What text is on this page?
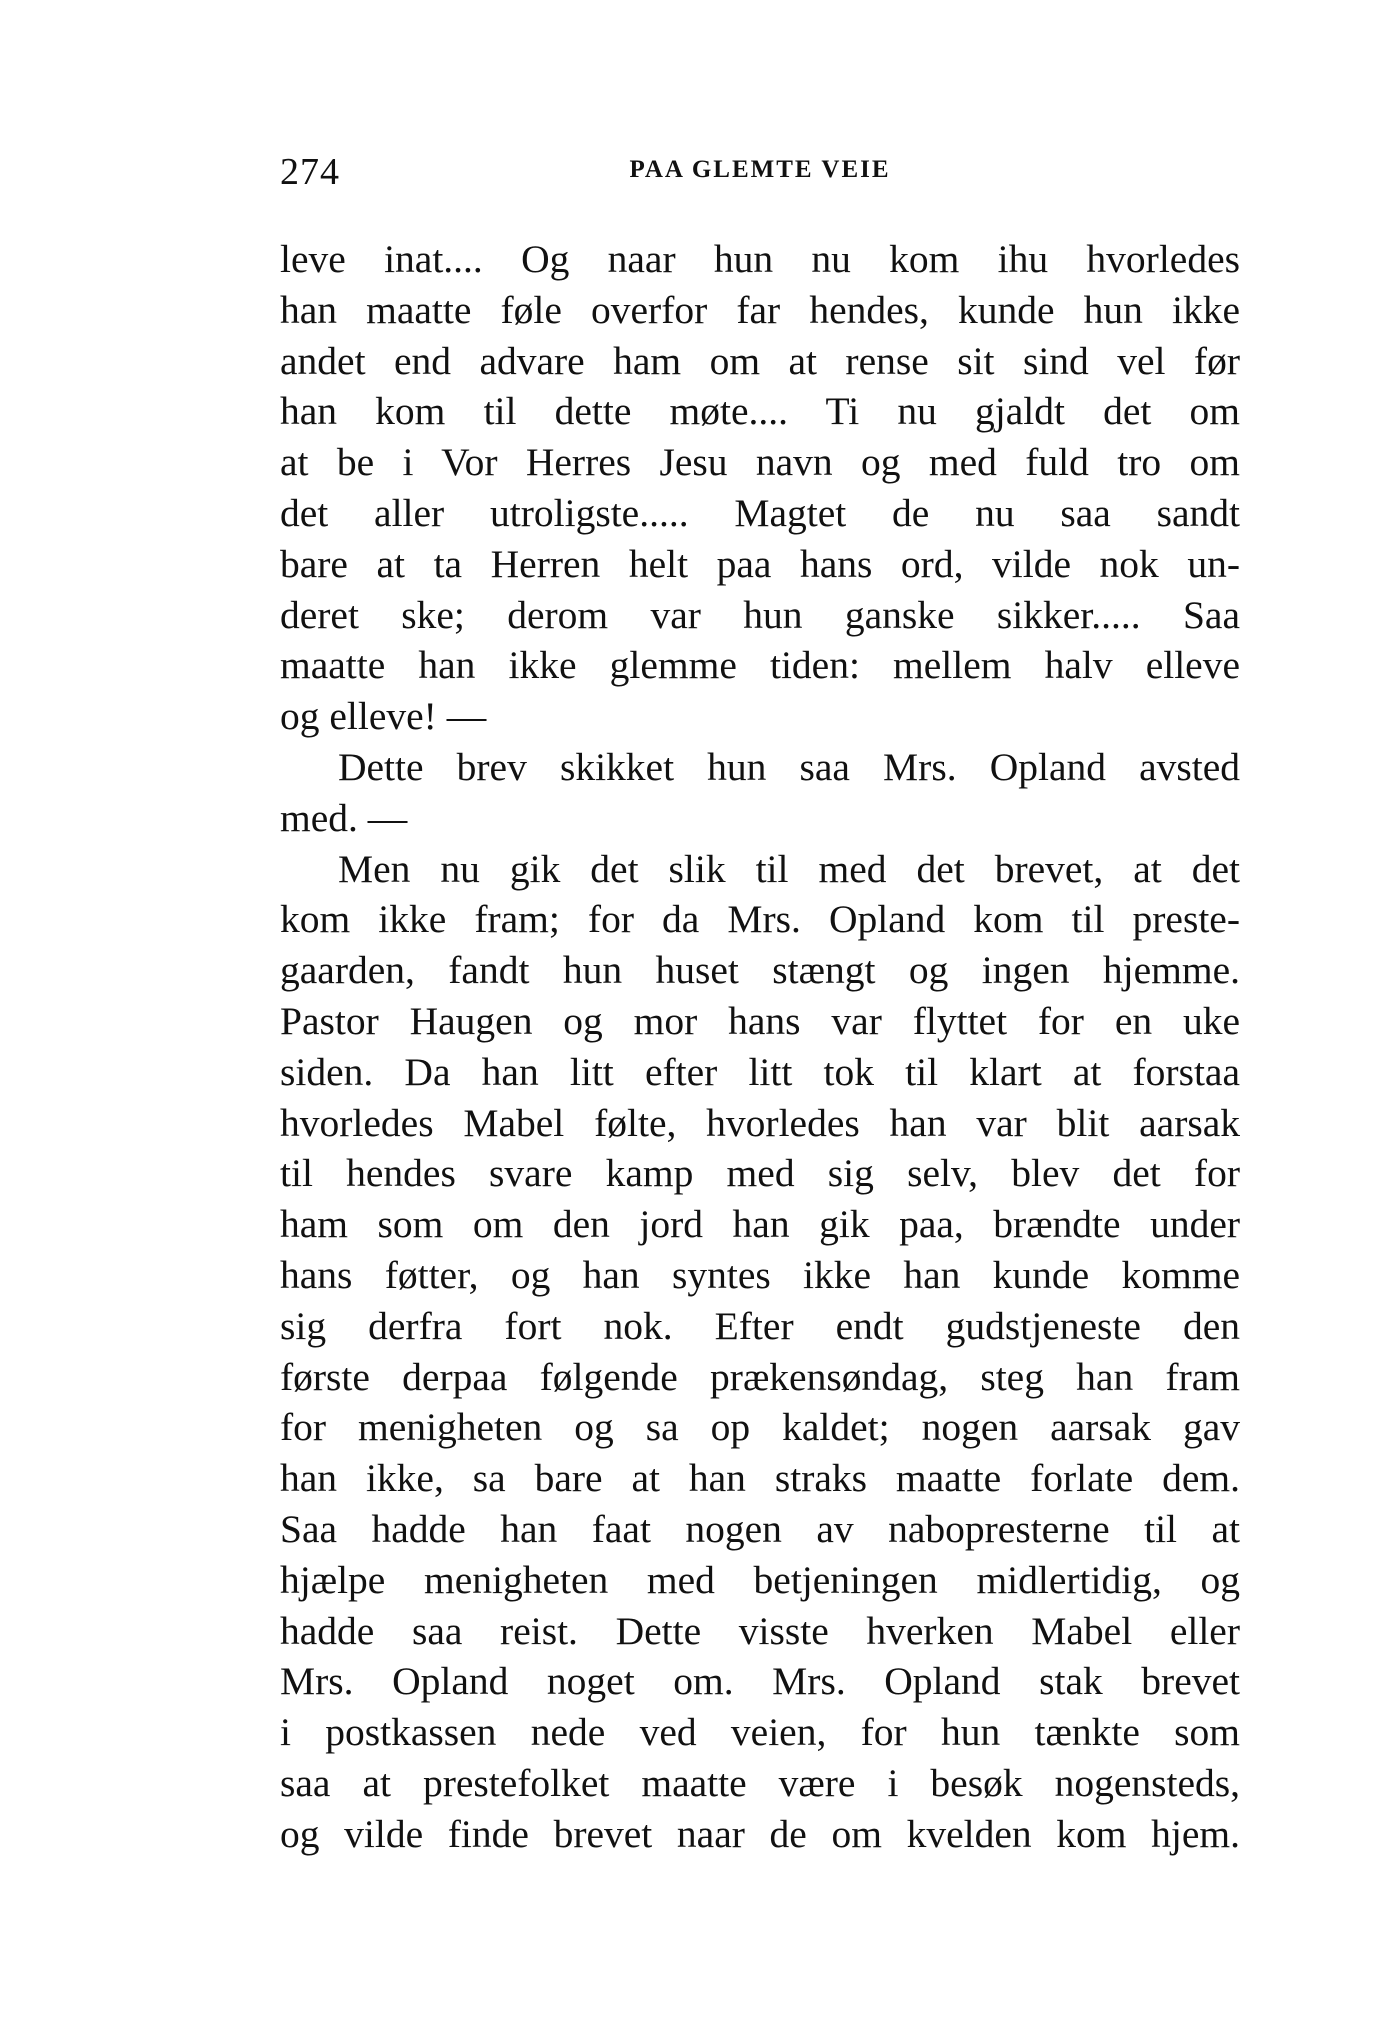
274	PAA GLEMTE VEIE
leve inat.... Og naar hun nu kom ihu hvorledes
han maatte føle overfor far hendes, kunde hun ikke
andet end advare ham om at rense sit sind vel før
han kom til dette møte.... Ti nu gjaldt det om
at be i Vor Herres Jesu navn og med fuld tro om
det aller utroligste..... Magtet de nu saa sandt
bare at ta Herren helt paa hans ord, vilde nok un-
deret ske; derom var hun ganske sikker..... Saa
maatte han ikke glemme tiden: mellem halv elleve
og elleve! —
Dette brev skikket hun saa Mrs. Opland avsted
med. —
Men nu gik det slik til med det brevet, at det
kom ikke fram; for da Mrs. Opland kom til preste-
gaarden, fandt hun huset stængt og ingen hjemme.
Pastor Haugen og mor hans var flyttet for en uke
siden. Da han litt efter litt tok til klart at forstaa
hvorledes Mabel følte, hvorledes han var blit aarsak
til hendes svare kamp med sig selv, blev det for
ham som om den jord han gik paa, brændte under
hans føtter, og han syntes ikke han kunde komme
sig derfra fort nok. Efter endt gudstjeneste den
første derpaa følgende prækensøndag, steg han fram
for menigheten og sa op kaldet; nogen aarsak gav
han ikke, sa bare at han straks maatte forlate dem.
Saa hadde han faat nogen av nabopresterne til at
hjælpe menigheten med betjeningen midlertidig, og
hadde saa reist. Dette visste hverken Mabel eller
Mrs. Opland noget om. Mrs. Opland stak brevet
i postkassen nede ved veien, for hun tænkte som
saa at prestefolket maatte være i besøk nogensteds,
og vilde finde brevet naar de om kvelden kom hjem.
